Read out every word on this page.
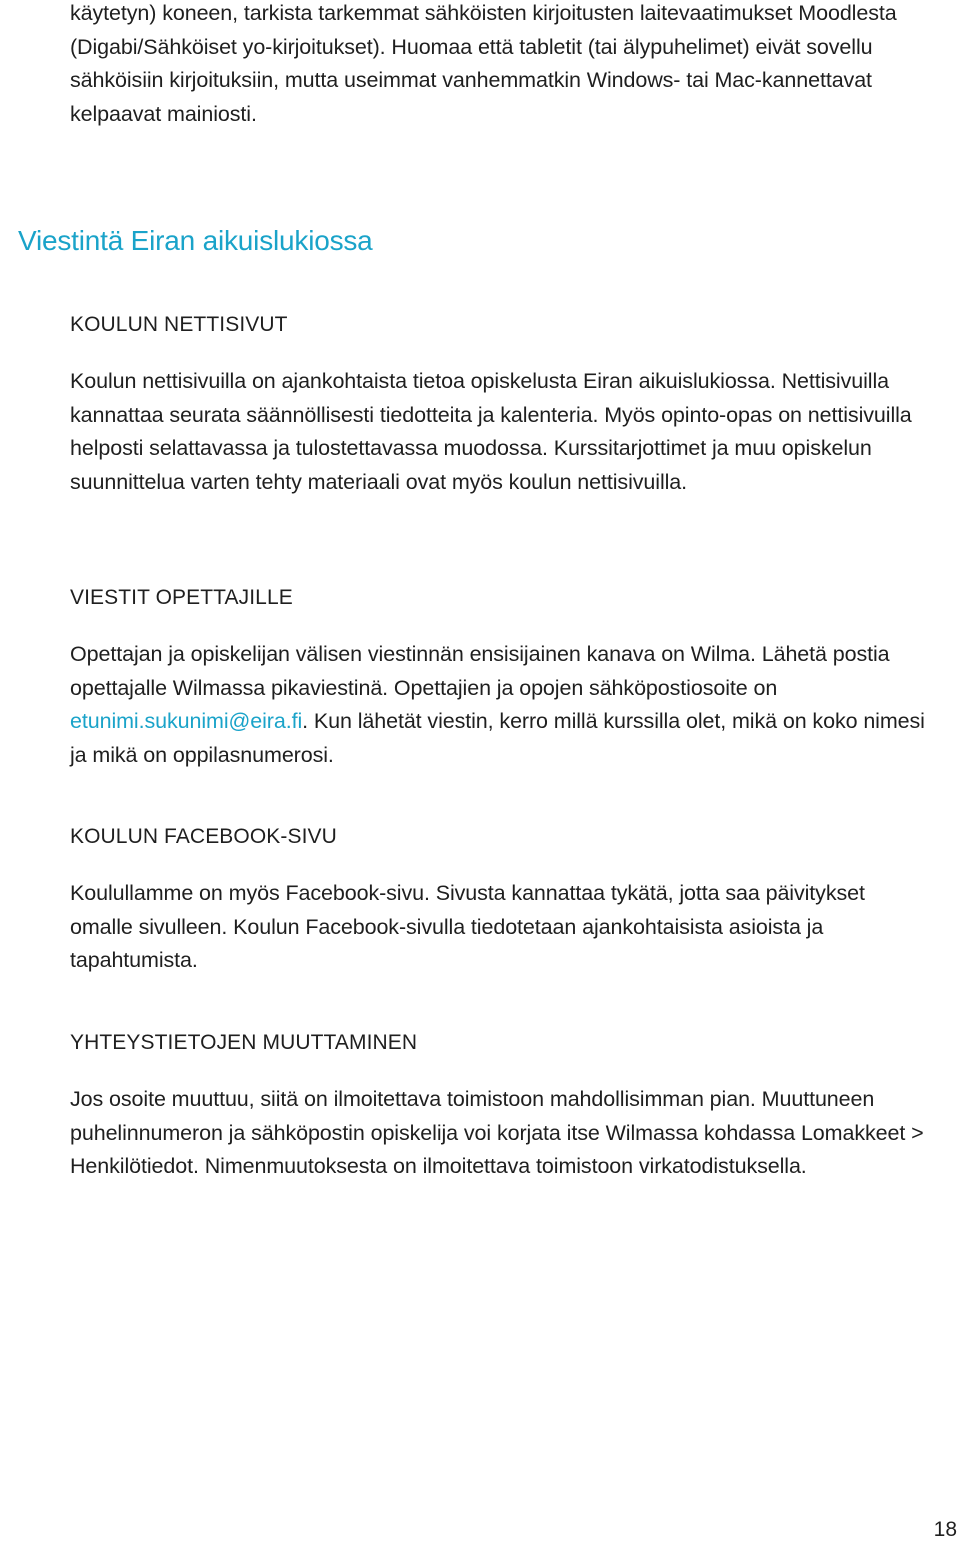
käytetyn) koneen, tarkista tarkemmat sähköisten kirjoitusten laitevaatimukset Moodlesta (Digabi/Sähköiset yo-kirjoitukset). Huomaa että tabletit (tai älypuhelimet) eivät sovellu sähköisiin kirjoituksiin, mutta useimmat vanhemmatkin Windows- tai Mac-kannettavat kelpaavat mainiosti.

Viestintä Eiran aikuislukiossa
KOULUN NETTISIVUT

Koulun nettisivuilla on ajankohtaista tietoa opiskelusta Eiran aikuislukiossa. Nettisivuilla kannattaa seurata säännöllisesti tiedotteita ja kalenteria. Myös opinto-opas on nettisivuilla helposti selattavassa ja tulostettavassa muodossa. Kurssitarjottimet ja muu opiskelun suunnittelua varten tehty materiaali ovat myös koulun nettisivuilla.

VIESTIT OPETTAJILLE

Opettajan ja opiskelijan välisen viestinnän ensisijainen kanava on Wilma. Lähetä postia opettajalle Wilmassa pikaviestinä. Opettajien ja opojen sähköpostiosoite on etunimi.sukunimi@eira.fi. Kun lähetät viestin, kerro millä kurssilla olet, mikä on koko nimesi ja mikä on oppilasnumerosi.

KOULUN FACEBOOK-SIVU

Koulullamme on myös Facebook-sivu. Sivusta kannattaa tykätä, jotta saa päivitykset omalle sivulleen. Koulun Facebook-sivulla tiedotetaan ajankohtaisista asioista ja tapahtumista.

YHTEYSTIETOJEN MUUTTAMINEN

Jos osoite muuttuu, siitä on ilmoitettava toimistoon mahdollisimman pian. Muuttuneen puhelinnumeron ja sähköpostin opiskelija voi korjata itse Wilmassa kohdassa Lomakkeet > Henkilötiedot. Nimenmuutoksesta on ilmoitettava toimistoon virkatodistuksella.

18
